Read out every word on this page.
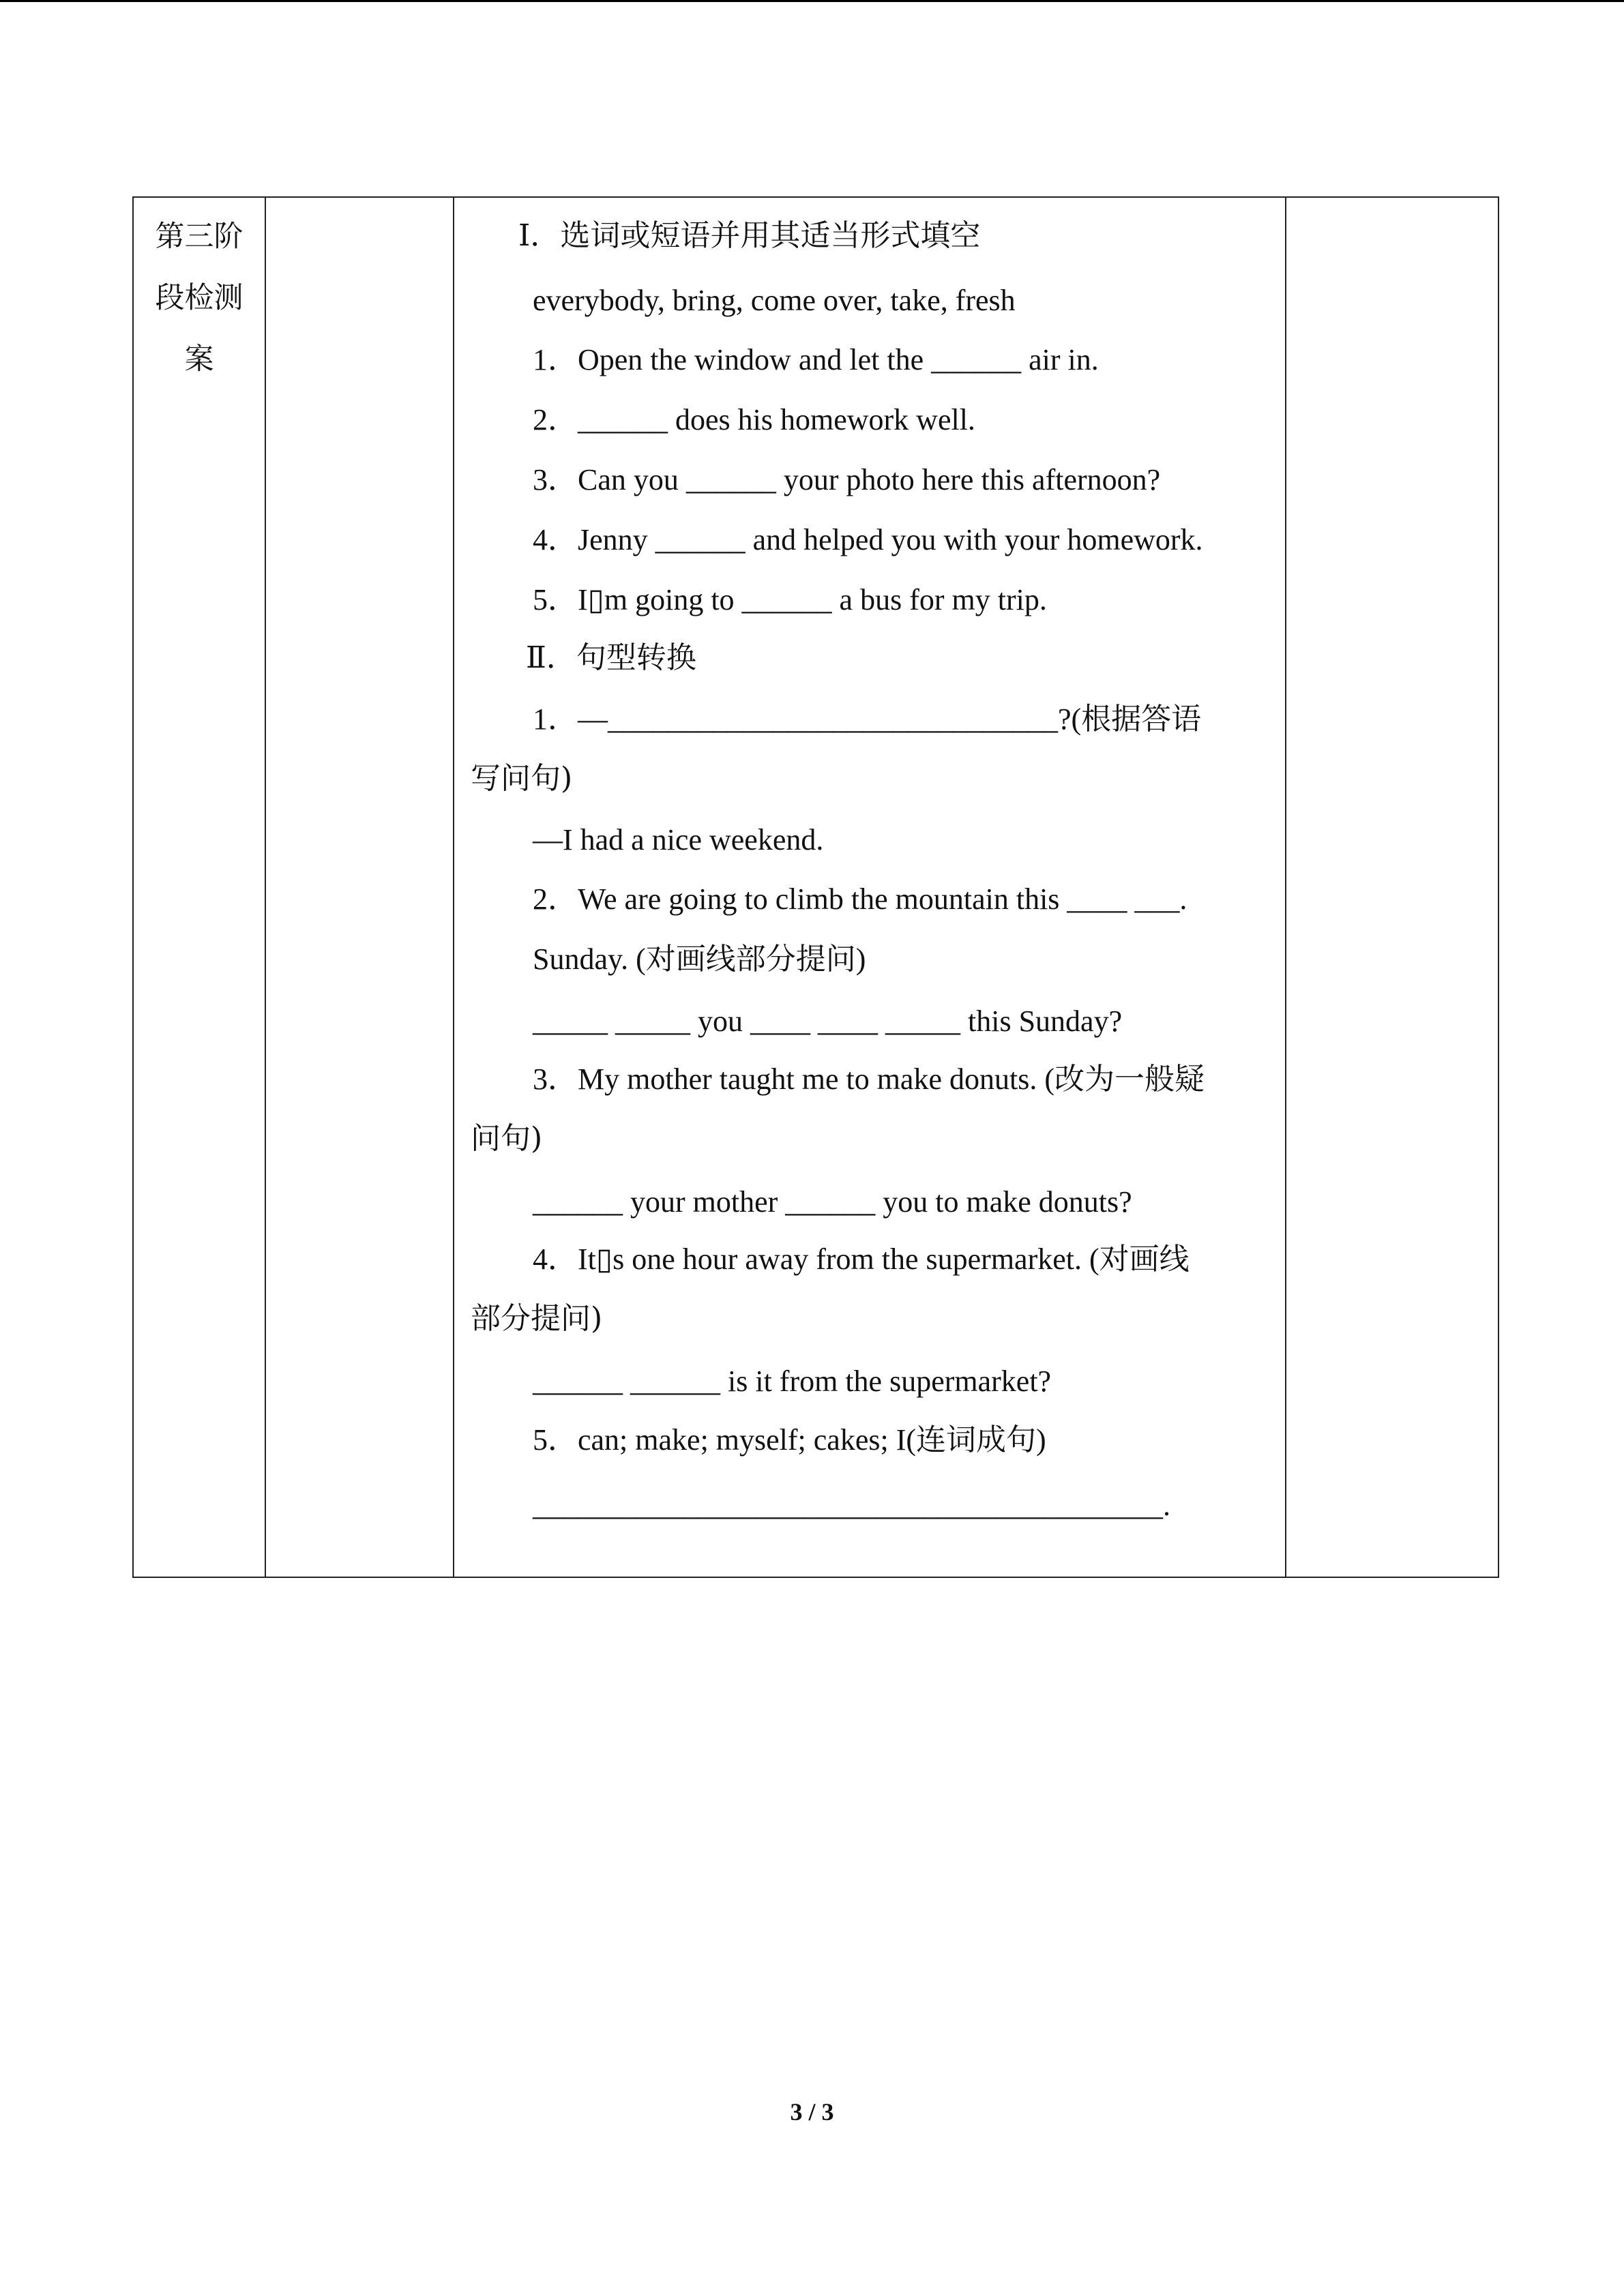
第三阶
段检测
案

Ⅰ．选词或短语并用其适当形式填空
everybody, bring, come over, take, fresh
1．Open the window and let the ______ air in.
2．______ does his homework well.
3．Can you ______ your photo here this afternoon?
4．Jenny ______ and helped you with your homework.
5．I▯m going to ______ a bus for my trip.
Ⅱ．句型转换
1．—______________________________?(根据答语
写问句)
—I had a nice weekend.
2．We are going to climb the mountain this ____ ___.
Sunday. (对画线部分提问)
_____ _____ you ____ ____ _____ this Sunday?
3．My mother taught me to make donuts. (改为一般疑
问句)
______ your mother ______ you to make donuts?
4．It▯s one hour away from the supermarket. (对画线
部分提问)
______ ______ is it from the supermarket?
5．can; make; myself; cakes; I(连词成句)
__________________________________________.

3 / 3
